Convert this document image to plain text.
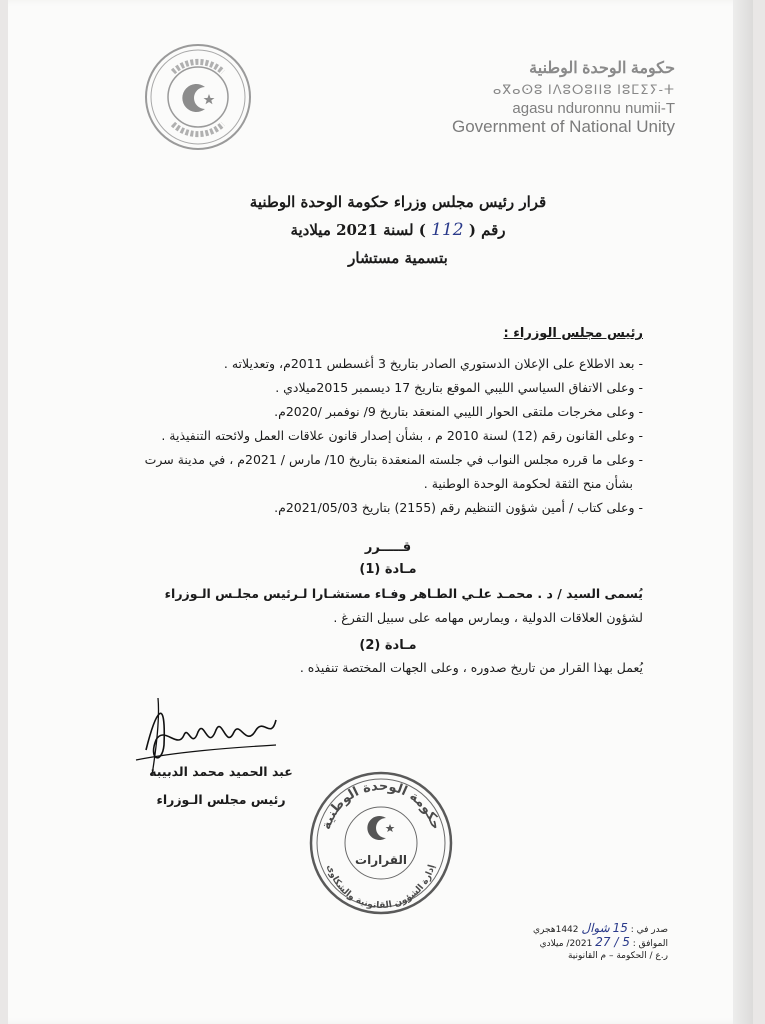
حكومة الوحدة الوطنية
ⴰⴳⴰⵙⵓ ⵏⴷⵓⵔⵓⵏⵏⵓ ⵏⵓⵎⵉⵢ-ⵜ
agasu nduronnu numii-T
Government of National Unity
قرار رئيس مجلس وزراء حكومة الوحدة الوطنية
رقم ( 112 ) لسنة 2021 ميلادية
بتسمية مستشار
رئيس مجلس الوزراء :
- بعد الاطلاع على الإعلان الدستوري الصادر بتاريخ 3 أغسطس 2011م، وتعديلاته .
- وعلى الاتفاق السياسي الليبي الموقع بتاريخ 17 ديسمبر 2015ميلادي .
- وعلى مخرجات ملتقى الحوار الليبي المنعقد بتاريخ 9/ نوفمبر /2020م.
- وعلى القانون رقم (12) لسنة 2010 م ، بشأن إصدار قانون علاقات العمل ولائحته التنفيذية .
- وعلى ما قرره مجلس النواب في جلسته المنعقدة بتاريخ 10/ مارس / 2021م ، في مدينة سرت
بشأن منح الثقة لحكومة الوحدة الوطنية .
- وعلى كتاب / أمين شؤون التنظيم رقم (2155) بتاريخ 2021/05/03م.
قـــــرر
مـادة (1)
يُسمى السيد / د . محمـد علـي الطـاهر وفـاء مستشـارا لـرئيس مجلـس الـوزراء
لشؤون العلاقات الدولية ، ويمارس مهامه على سبيل التفرغ .
مـادة (2)
يُعمل بهذا القرار من تاريخ صدوره ، وعلى الجهات المختصة تنفيذه .
عبد الحميد محمد الدبيبة
رئيس مجلس الـوزراء
حكومة الوحدة الوطنية
إدارة الشؤون القانونية والشكاوى
القرارات
صدر في : 15 شوال 1442هجري
الموافق : 5 / 27 2021/ ميلادي
ر.ع / الحكومة – م القانونية
